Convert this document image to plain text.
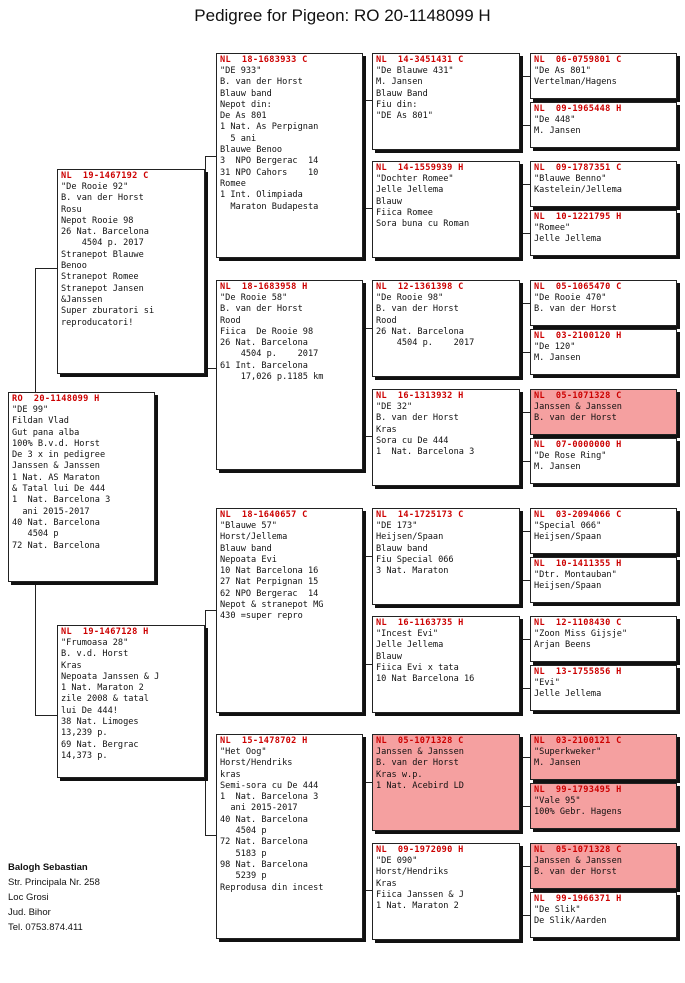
Pedigree for Pigeon: RO 20-1148099 H
RO  20-1148099 H
"DE 99"
Fildan Vlad
Gut pana alba
100% B.v.d. Horst
De 3 x in pedigree
Janssen & Janssen
1 Nat. AS Maraton
& Tatal lui De 444
1  Nat. Barcelona 3
ani 2015-2017
40 Nat. Barcelona
4504 p
72 Nat. Barcelona
NL  19-1467192 C
"De Rooie 92"
B. van der Horst
Rosu
Nepot Rooie 98
26 Nat. Barcelona
4504 p. 2017
Stranepot Blauwe
Benoo
Stranepot Romee
Stranepot Jansen
&Janssen
Super zburatori si
reproducatori!
NL  19-1467128 H
"Frumoasa 28"
B. v.d. Horst
Kras
Nepoata Janssen & J
1 Nat. Maraton 2
zile 2008 & tatal
lui De 444!
38 Nat. Limoges
13,239 p.
69 Nat. Bergrac
14,373 p.
NL  18-1683933 C
"DE 933"
B. van der Horst
Blauw band
Nepot din:
De As 801
1 Nat. As Perpignan
5 ani
Blauwe Benoo
3  NPO Bergerac  14
31 NPO Cahors    10
Romee
1 Int. Olimpiada
Maraton Budapesta
NL  18-1683958 H
"De Rooie 58"
B. van der Horst
Rood
Fiica  De Rooie 98
26 Nat. Barcelona
4504 p.    2017
61 Int. Barcelona
17,026 p.1185 km
NL  18-1640657 C
"Blauwe 57"
Horst/Jellema
Blauw band
Nepoata Evi
10 Nat Barcelona 16
27 Nat Perpignan 15
62 NPO Bergerac  14
Nepot & stranepot MG
430 =super repro
NL  15-1478702 H
"Het Oog"
Horst/Hendriks
kras
Semi-sora cu De 444
1  Nat. Barcelona 3
ani 2015-2017
40 Nat. Barcelona
4504 p
72 Nat. Barcelona
5183 p
98 Nat. Barcelona
5239 p
Reprodusa din incest
NL  14-3451431 C
"De Blauwe 431"
M. Jansen
Blauw Band
Fiu din:
"DE As 801"
NL  14-1559939 H
"Dochter Romee"
Jelle Jellema
Blauw
Fiica Romee
Sora buna cu Roman
NL  12-1361398 C
"De Rooie 98"
B. van der Horst
Rood
26 Nat. Barcelona
4504 p.    2017
NL  16-1313932 H
"DE 32"
B. van der Horst
Kras
Sora cu De 444
1  Nat. Barcelona 3
NL  14-1725173 C
"DE 173"
Heijsen/Spaan
Blauw band
Fiu Special 066
3 Nat. Maraton
NL  16-1163735 H
"Incest Evi"
Jelle Jellema
Blauw
Fiica Evi x tata
10 Nat Barcelona 16
NL  05-1071328 C
Janssen & Janssen
B. van der Horst
Kras w.p.
1 Nat. Acebird LD
NL  09-1972090 H
"DE 090"
Horst/Hendriks
Kras
Fiica Janssen & J
1 Nat. Maraton 2
NL  06-0759801 C
"De As 801"
Vertelman/Hagens
NL  09-1965448 H
"De 448"
M. Jansen
NL  09-1787351 C
"Blauwe Benno"
Kastelein/Jellema
NL  10-1221795 H
"Romee"
Jelle Jellema
NL  05-1065470 C
"De Rooie 470"
B. van der Horst
NL  03-2100120 H
"De 120"
M. Jansen
NL  05-1071328 C
Janssen & Janssen
B. van der Horst
NL  07-0000000 H
"De Rose Ring"
M. Jansen
NL  03-2094066 C
"Special 066"
Heijsen/Spaan
NL  10-1411355 H
"Dtr. Montauban"
Heijsen/Spaan
NL  12-1108430 C
"Zoon Miss Gijsje"
Arjan Beens
NL  13-1755856 H
"Evi"
Jelle Jellema
NL  03-2100121 C
"Superkweker"
M. Jansen
NL  99-1793495 H
"Vale 95"
100% Gebr. Hagens
NL  05-1071328 C
Janssen & Janssen
B. van der Horst
NL  99-1966371 H
"De Slik"
De Slik/Aarden
Balogh Sebastian
Str. Principala Nr. 258
Loc Grosi
Jud. Bihor
Tel. 0753.874.411
